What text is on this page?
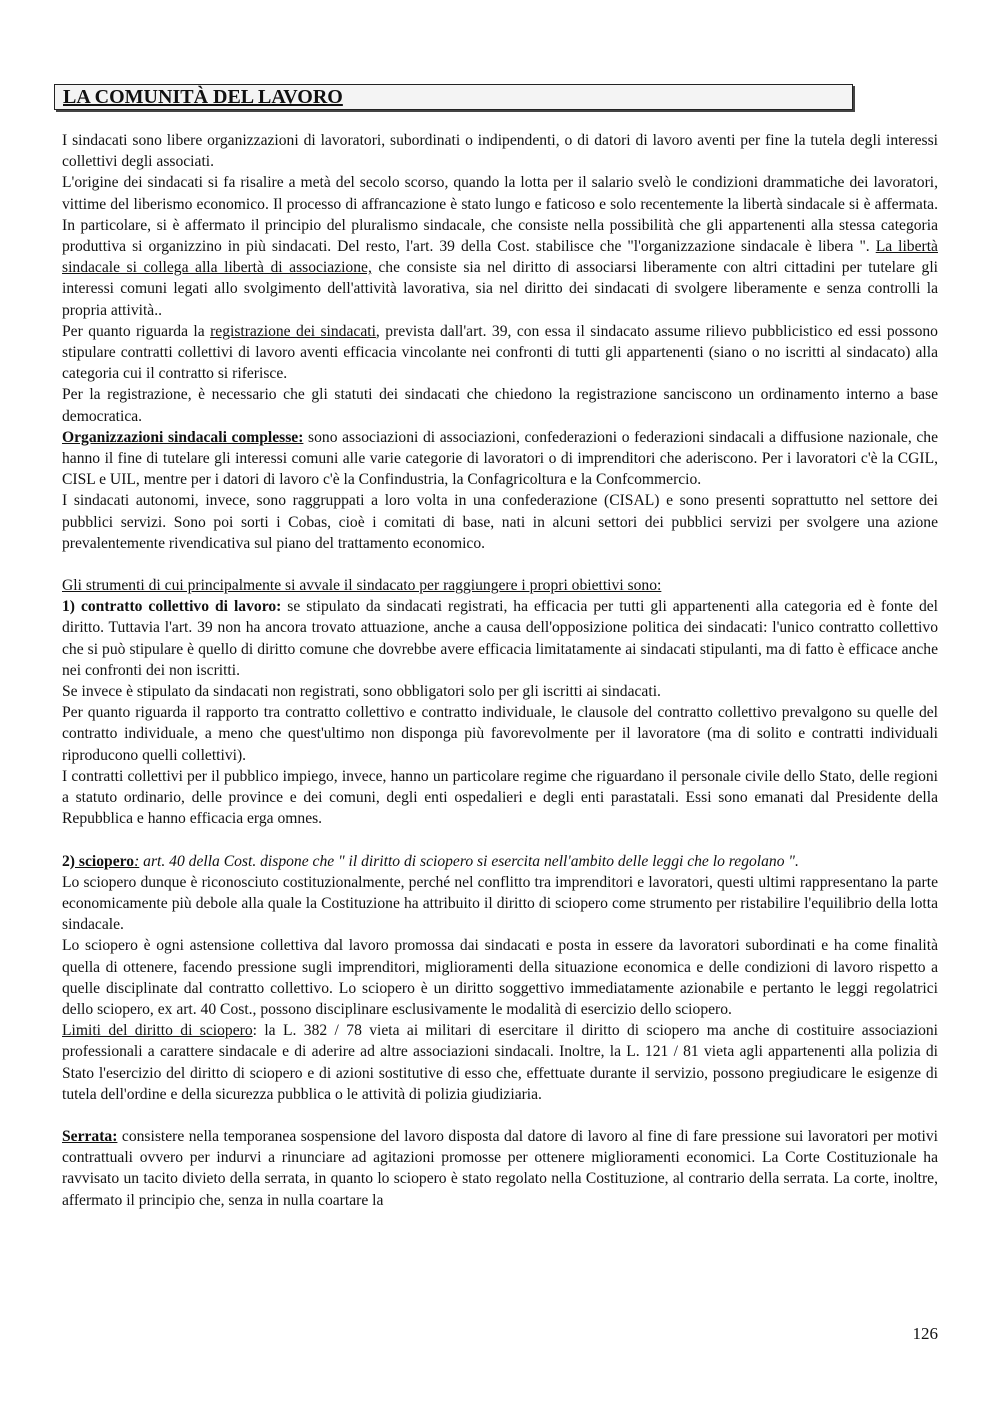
LA COMUNITÀ DEL LAVORO

I sindacati sono libere organizzazioni di lavoratori, subordinati o indipendenti, o di datori di lavoro aventi per fine la tutela degli interessi collettivi degli associati.

L'origine dei sindacati si fa risalire a metà del secolo scorso, quando la lotta per il salario svelò le condizioni drammatiche dei lavoratori, vittime del liberismo economico. Il processo di affrancazione è stato lungo e faticoso e solo recentemente la libertà sindacale si è affermata. In particolare, si è affermato il principio del pluralismo sindacale, che consiste nella possibilità che gli appartenenti alla stessa categoria produttiva si organizzino in più sindacati. Del resto, l'art. 39 della Cost. stabilisce che "l'organizzazione sindacale è libera ". La libertà sindacale si collega alla libertà di associazione, che consiste sia nel diritto di associarsi liberamente con altri cittadini per tutelare gli interessi comuni legati allo svolgimento dell'attività lavorativa, sia nel diritto dei sindacati di svolgere liberamente e senza controlli la propria attività..

Per quanto riguarda la registrazione dei sindacati, prevista dall'art. 39, con essa il sindacato assume rilievo pubblicistico ed essi possono stipulare contratti collettivi di lavoro aventi efficacia vincolante nei confronti di tutti gli appartenenti (siano o no iscritti al sindacato) alla categoria cui il contratto si riferisce.

Per la registrazione, è necessario che gli statuti dei sindacati che chiedono la registrazione sanciscono un ordinamento interno a base democratica.

Organizzazioni sindacali complesse: sono associazioni di associazioni, confederazioni o federazioni sindacali a diffusione nazionale, che hanno il fine di tutelare gli interessi comuni alle varie categorie di lavoratori o di imprenditori che aderiscono. Per i lavoratori c'è la CGIL, CISL e UIL, mentre per i datori di lavoro c'è la Confindustria, la Confagricoltura e la Confcommercio.

I sindacati autonomi, invece, sono raggruppati a loro volta in una confederazione (CISAL) e sono presenti soprattutto nel settore dei pubblici servizi. Sono poi sorti i Cobas, cioè i comitati di base, nati in alcuni settori dei pubblici servizi per svolgere una azione prevalentemente rivendicativa sul piano del trattamento economico.

Gli strumenti di cui principalmente si avvale il sindacato per raggiungere i propri obiettivi sono:

1) contratto collettivo di lavoro: se stipulato da sindacati registrati, ha efficacia per tutti gli appartenenti alla categoria ed è fonte del diritto. Tuttavia l'art. 39 non ha ancora trovato attuazione, anche a causa dell'opposizione politica dei sindacati: l'unico contratto collettivo che si può stipulare è quello di diritto comune che dovrebbe avere efficacia limitatamente ai sindacati stipulanti, ma di fatto è efficace anche nei confronti dei non iscritti.

Se invece è stipulato da sindacati non registrati, sono obbligatori solo per gli iscritti ai sindacati.

Per quanto riguarda il rapporto tra contratto collettivo e contratto individuale, le clausole del contratto collettivo prevalgono su quelle del contratto individuale, a meno che quest'ultimo non disponga più favorevolmente per il lavoratore (ma di solito e contratti individuali riproducono quelli collettivi).

I contratti collettivi per il pubblico impiego, invece, hanno un particolare regime che riguardano il personale civile dello Stato, delle regioni a statuto ordinario, delle province e dei comuni, degli enti ospedalieri e degli enti parastatali. Essi sono emanati dal Presidente della Repubblica e hanno efficacia erga omnes.

2) sciopero: art. 40 della Cost. dispone che " il diritto di sciopero si esercita nell'ambito delle leggi che lo regolano ".

Lo sciopero dunque è riconosciuto costituzionalmente, perché nel conflitto tra imprenditori e lavoratori, questi ultimi rappresentano la parte economicamente più debole alla quale la Costituzione ha attribuito il diritto di sciopero come strumento per ristabilire l'equilibrio della lotta sindacale.

Lo sciopero è ogni astensione collettiva dal lavoro promossa dai sindacati e posta in essere da lavoratori subordinati e ha come finalità quella di ottenere, facendo pressione sugli imprenditori, miglioramenti della situazione economica e delle condizioni di lavoro rispetto a quelle disciplinate dal contratto collettivo. Lo sciopero è un diritto soggettivo immediatamente azionabile e pertanto le leggi regolatrici dello sciopero, ex art. 40 Cost., possono disciplinare esclusivamente le modalità di esercizio dello sciopero.

Limiti del diritto di sciopero: la L. 382 / 78 vieta ai militari di esercitare il diritto di sciopero ma anche di costituire associazioni professionali a carattere sindacale e di aderire ad altre associazioni sindacali. Inoltre, la L. 121 / 81 vieta agli appartenenti alla polizia di Stato l'esercizio del diritto di sciopero e di azioni sostitutive di esso che, effettuate durante il servizio, possono pregiudicare le esigenze di tutela dell'ordine e della sicurezza pubblica o le attività di polizia giudiziaria.

Serrata: consistere nella temporanea sospensione del lavoro disposta dal datore di lavoro al fine di fare pressione sui lavoratori per motivi contrattuali ovvero per indurvi a rinunciare ad agitazioni promosse per ottenere miglioramenti economici. La Corte Costituzionale ha ravvisato un tacito divieto della serrata, in quanto lo sciopero è stato regolato nella Costituzione, al contrario della serrata. La corte, inoltre, affermato il principio che, senza in nulla coartare la

126
